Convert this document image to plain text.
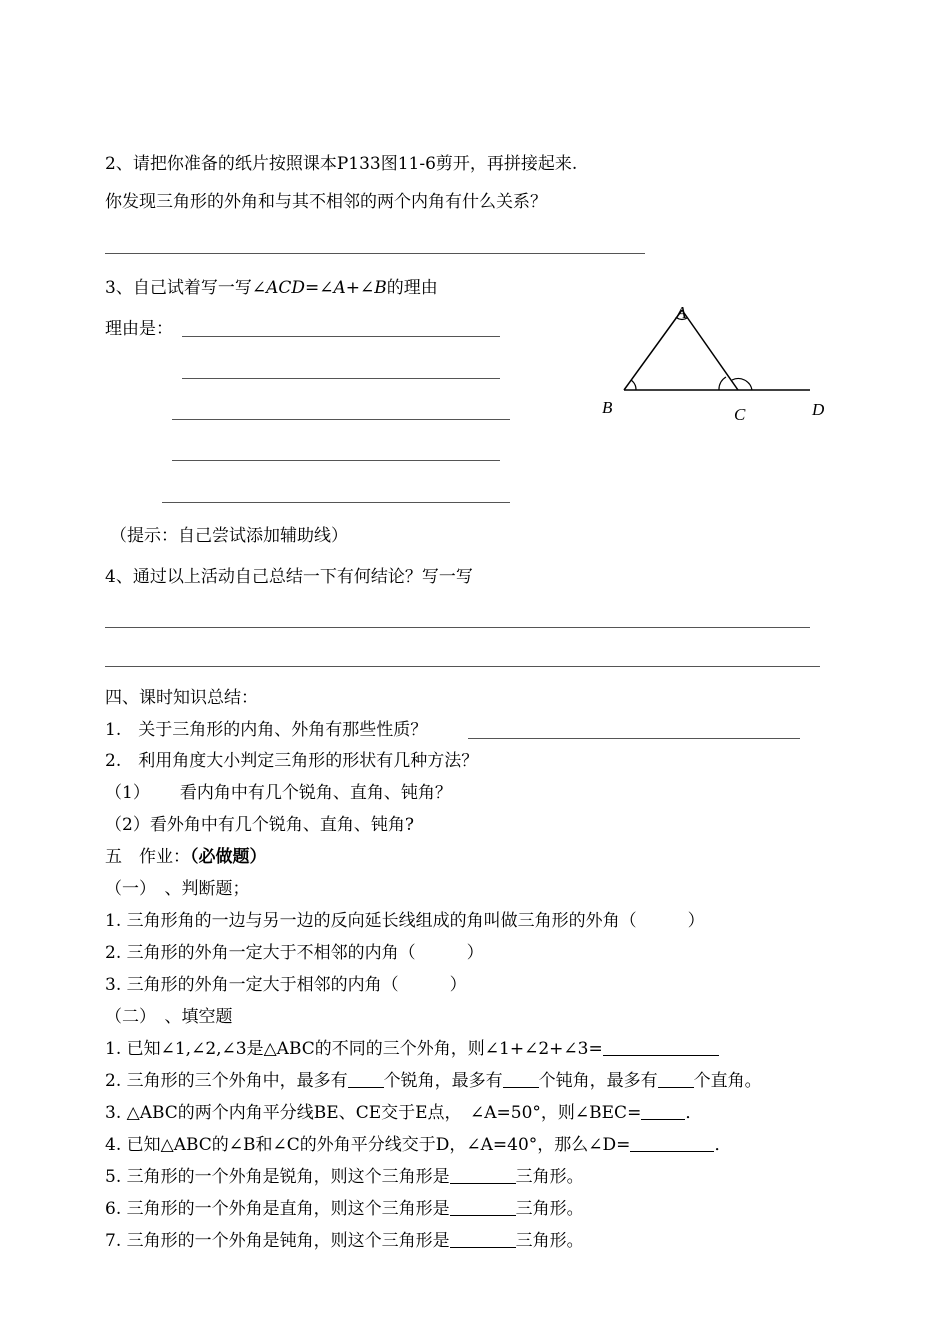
2、请把你准备的纸片按照课本P133图11-6剪开，再拼接起来.
你发现三角形的外角和与其不相邻的两个内角有什么关系？
3、自己试着写一写∠ACD=∠A+∠B的理由
理由是：
A
B	C	D
（提示：自己尝试添加辅助线）
4、通过以上活动自己总结一下有何结论？写一写
四、课时知识总结：
1.　关于三角形的内角、外角有那些性质？
2.　利用角度大小判定三角形的形状有几种方法？
（1） 看内角中有几个锐角、直角、钝角？
（2）看外角中有几个锐角、直角、钝角?
五　作业：（必做题）
（一）　、判断题；
1. 三角形角的一边与另一边的反向延长线组成的角叫做三角形的外角（　　　）
2. 三角形的外角一定大于不相邻的内角（　　　）
3. 三角形的外角一定大于相邻的内角（　　　）
（二）　、填空题
1. 已知∠1,∠2,∠3是△ABC的不同的三个外角，则∠1+∠2+∠3=
2. 三角形的三个外角中，最多有 个锐角，最多有 个钝角，最多有 个直角。
3. △ABC的两个内角平分线BE、CE交于E点，　∠A=50°，则∠BEC=	．
4. 已知△ABC的∠B和∠C的外角平分线交于D，∠A=40°，那么∠D=	．
5. 三角形的一个外角是锐角，则这个三角形是	三角形。
6. 三角形的一个外角是直角，则这个三角形是	三角形。
7. 三角形的一个外角是钝角，则这个三角形是	三角形。
